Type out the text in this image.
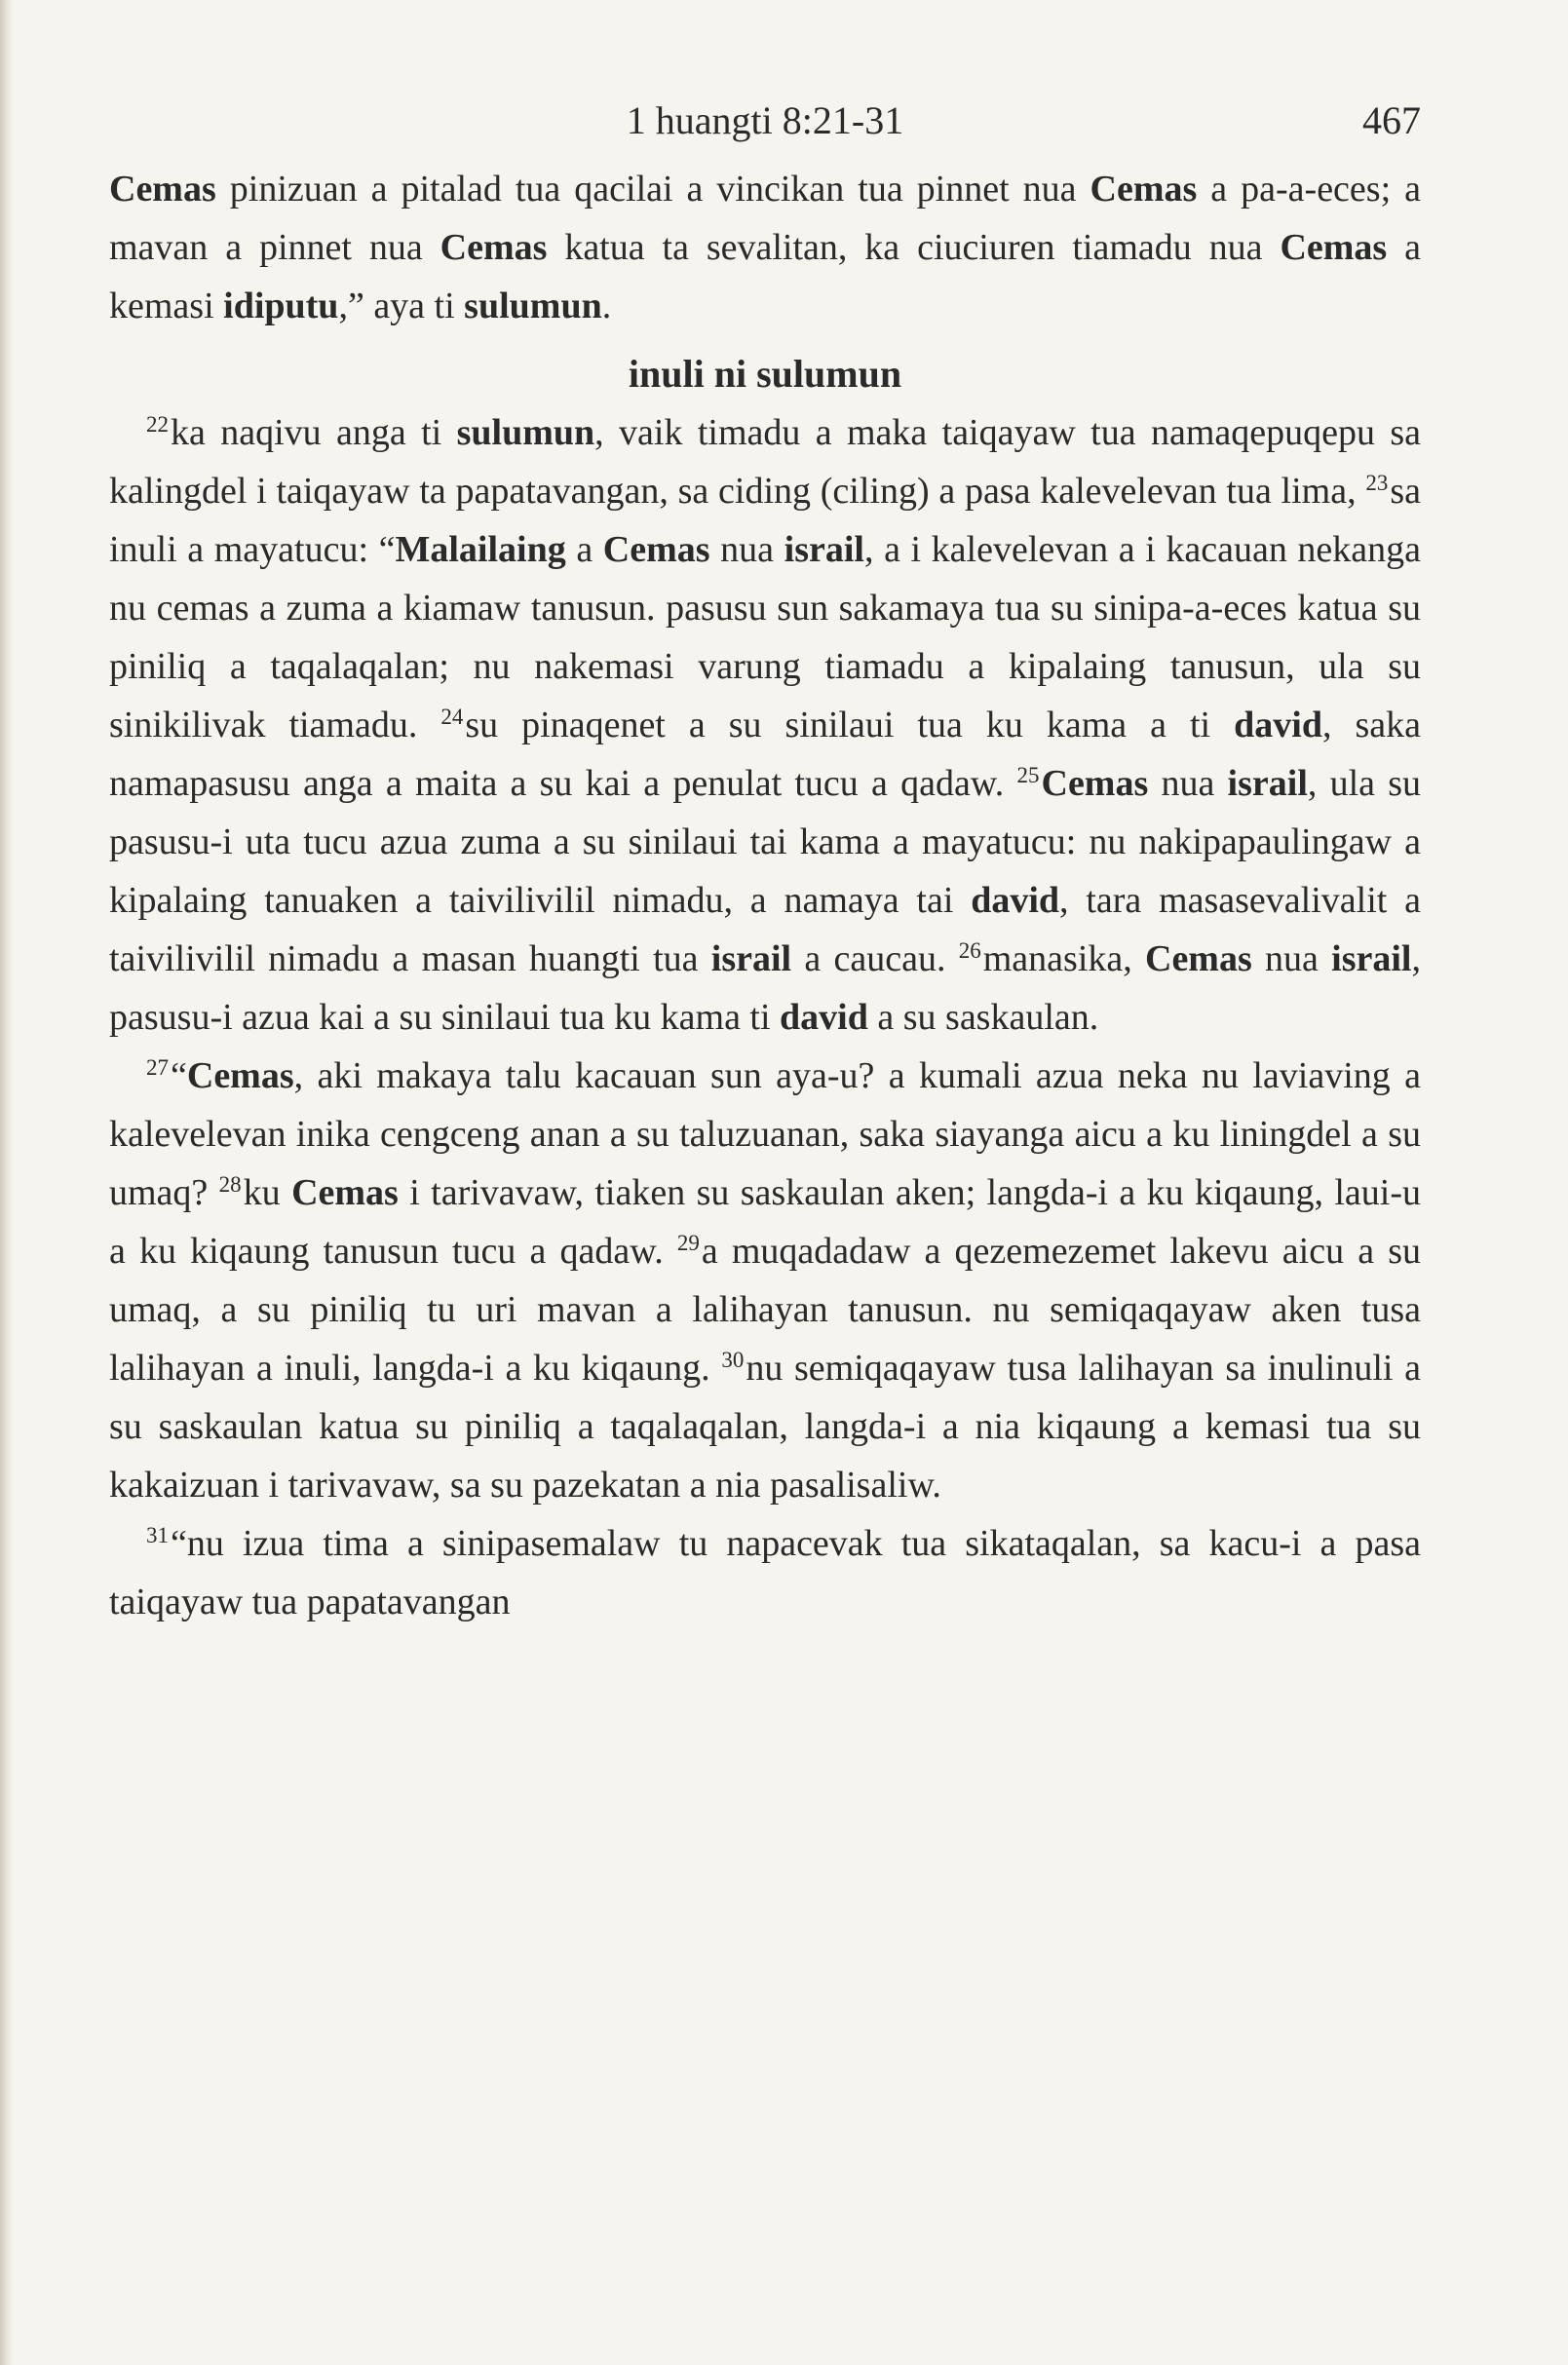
1 huangti 8:21-31	467

Cemas pinizuan a pitalad tua qacilai a vincikan tua pinnet nua Cemas a pa-a-eces; a mavan a pinnet nua Cemas katua ta sevalitan, ka ciuciuren tiamadu nua Cemas a kemasi idiputu,” aya ti sulumun.

inuli ni sulumun

$^{22}$ka naqivu anga ti sulumun, vaik timadu a maka taiqayaw tua namaqepuqepu sa kalingdel i taiqayaw ta papatavangan, sa ciding (ciling) a pasa kalevelevan tua lima, $^{23}$sa inuli a mayatucu: “Malailaing a Cemas nua israil, a i kalevelevan a i kacauan nekanga nu cemas a zuma a kiamaw tanusun. pasusu sun sakamaya tua su sinipa-a-eces katua su piniliq a taqalaqalan; nu nakemasi varung tiamadu a kipalaing tanusun, ula su sinikilivak tiamadu. $^{24}$su pinaqenet a su sinilaui tua ku kama a ti david, saka namapasusu anga a maita a su kai a penulat tucu a qadaw. $^{25}$Cemas nua israil, ula su pasusu-i uta tucu azua zuma a su sinilaui tai kama a mayatucu: nu nakipapaulingaw a kipalaing tanuaken a taivilivilil nimadu, a namaya tai david, tara masasevalivalit a taivilivilil nimadu a masan huangti tua israil a caucau. $^{26}$manasika, Cemas nua israil, pasusu-i azua kai a su sinilaui tua ku kama ti david a su saskaulan.

$^{27}$“Cemas, aki makaya talu kacauan sun aya-u? a kumali azua neka nu laviaving a kalevelevan inika cengceng anan a su taluzuanan, saka siayanga aicu a ku liningdel a su umaq? $^{28}$ku Cemas i tarivavaw, tiaken su saskaulan aken; langda-i a ku kiqaung, laui-u a ku kiqaung tanusun tucu a qadaw. $^{29}$a muqadadaw a qezemezemet lakevu aicu a su umaq, a su piniliq tu uri mavan a lalihayan tanusun. nu semiqaqayaw aken tusa lalihayan a inuli, langda-i a ku kiqaung. $^{30}$nu semiqaqayaw tusa lalihayan sa inulinuli a su saskaulan katua su piniliq a taqalaqalan, langda-i a nia kiqaung a kemasi tua su kakaizuan i tarivavaw, sa su pazekatan a nia pasalisaliw.

$^{31}$“nu izua tima a sinipasemalaw tu napacevak tua sikataqalan, sa kacu-i a pasa taiqayaw tua papatavangan
